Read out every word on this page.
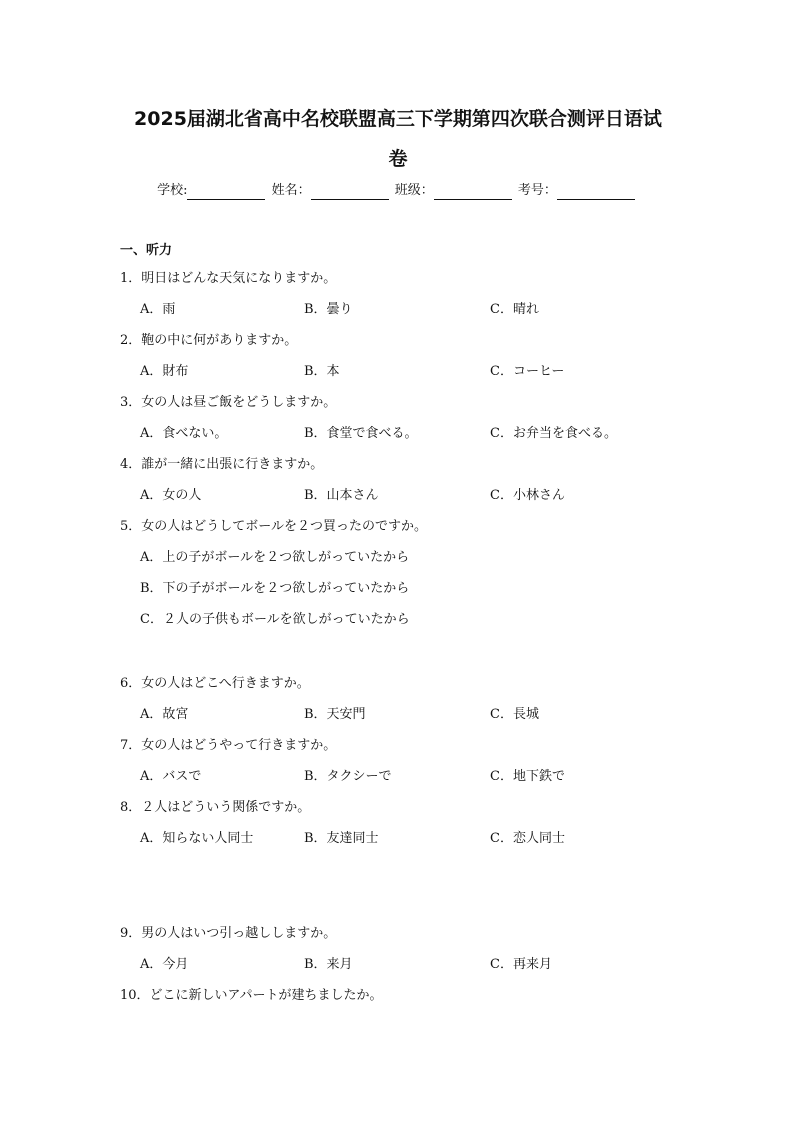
2025届湖北省高中名校联盟高三下学期第四次联合测评日语试
卷
学校:	姓名：	班级：	考号：
一、听力
1．明日はどんな天気になりますか。
A．雨	B．曇り	C．晴れ
2．鞄の中に何がありますか。
A．財布	B．本	C．コーヒー
3．女の人は昼ご飯をどうしますか。
A．食べない。	B．食堂で食べる。	C．お弁当を食べる。
4．誰が一緒に出張に行きますか。
A．女の人	B．山本さん	C．小林さん
5．女の人はどうしてボールを２つ買ったのですか。
A．上の子がボールを２つ欲しがっていたから
B．下の子がボールを２つ欲しがっていたから
C．２人の子供もボールを欲しがっていたから
6．女の人はどこへ行きますか。
A．故宮	B．天安門	C．長城
7．女の人はどうやって行きますか。
A．バスで	B．タクシーで	C．地下鉄で
8．２人はどういう関係ですか。
A．知らない人同士	B．友達同士	C．恋人同士
9．男の人はいつ引っ越ししますか。
A．今月	B．来月	C．再来月
10．どこに新しいアパートが建ちましたか。
